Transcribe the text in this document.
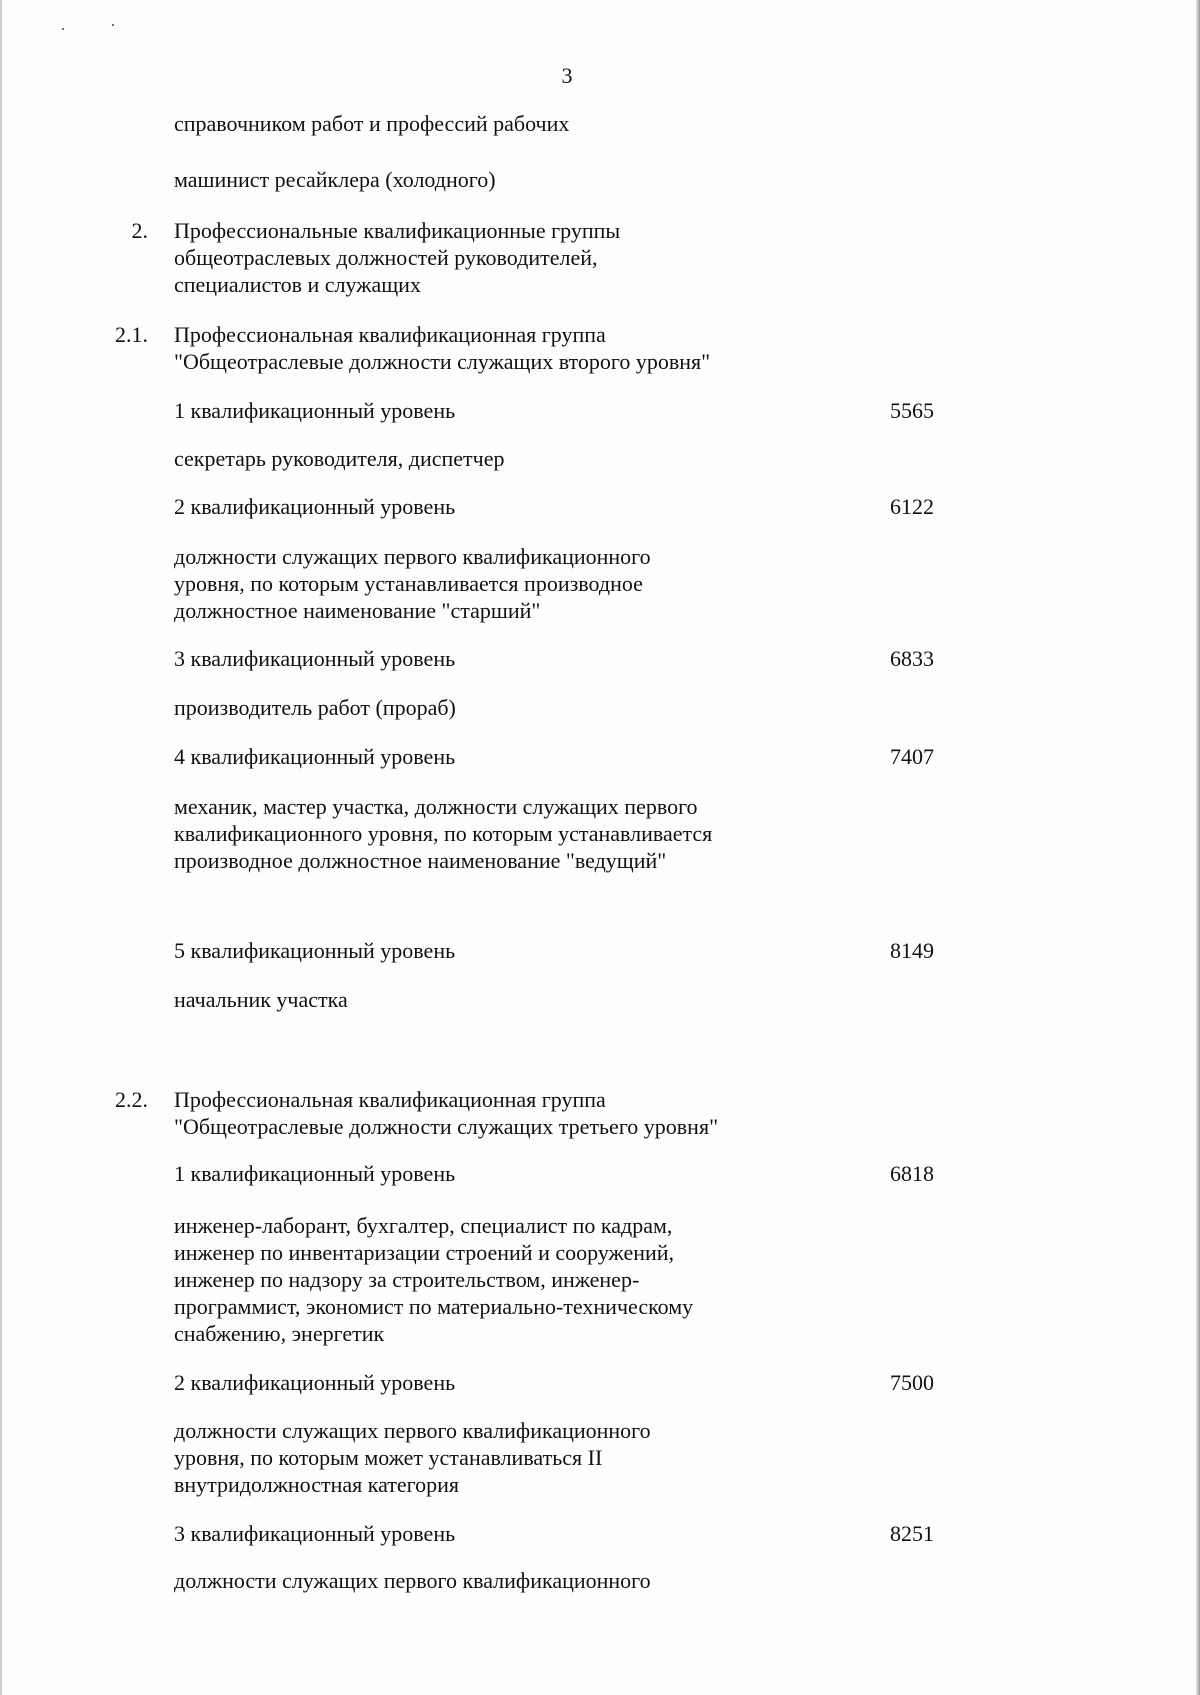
3
справочником работ и профессий рабочих
машинист ресайклера (холодного)
2. Профессиональные квалификационные группы
общеотраслевых должностей руководителей,
специалистов и служащих
2.1. Профессиональная квалификационная группа
"Общеотраслевые должности служащих второго уровня"
1 квалификационный уровень	5565
секретарь руководителя, диспетчер
2 квалификационный уровень	6122
должности служащих первого квалификационного
уровня, по которым устанавливается производное
должностное наименование "старший"
3 квалификационный уровень	6833
производитель работ (прораб)
4 квалификационный уровень	7407
механик, мастер участка, должности служащих первого
квалификационного уровня, по которым устанавливается
производное должностное наименование "ведущий"
5 квалификационный уровень	8149
начальник участка
2.2. Профессиональная квалификационная группа
"Общеотраслевые должности служащих третьего уровня"
1 квалификационный уровень	6818
инженер-лаборант, бухгалтер, специалист по кадрам,
инженер по инвентаризации строений и сооружений,
инженер по надзору за строительством, инженер-
программист, экономист по материально-техническому
снабжению, энергетик
2 квалификационный уровень	7500
должности служащих первого квалификационного
уровня, по которым может устанавливаться II
внутридолжностная категория
3 квалификационный уровень	8251
должности служащих первого квалификационного
